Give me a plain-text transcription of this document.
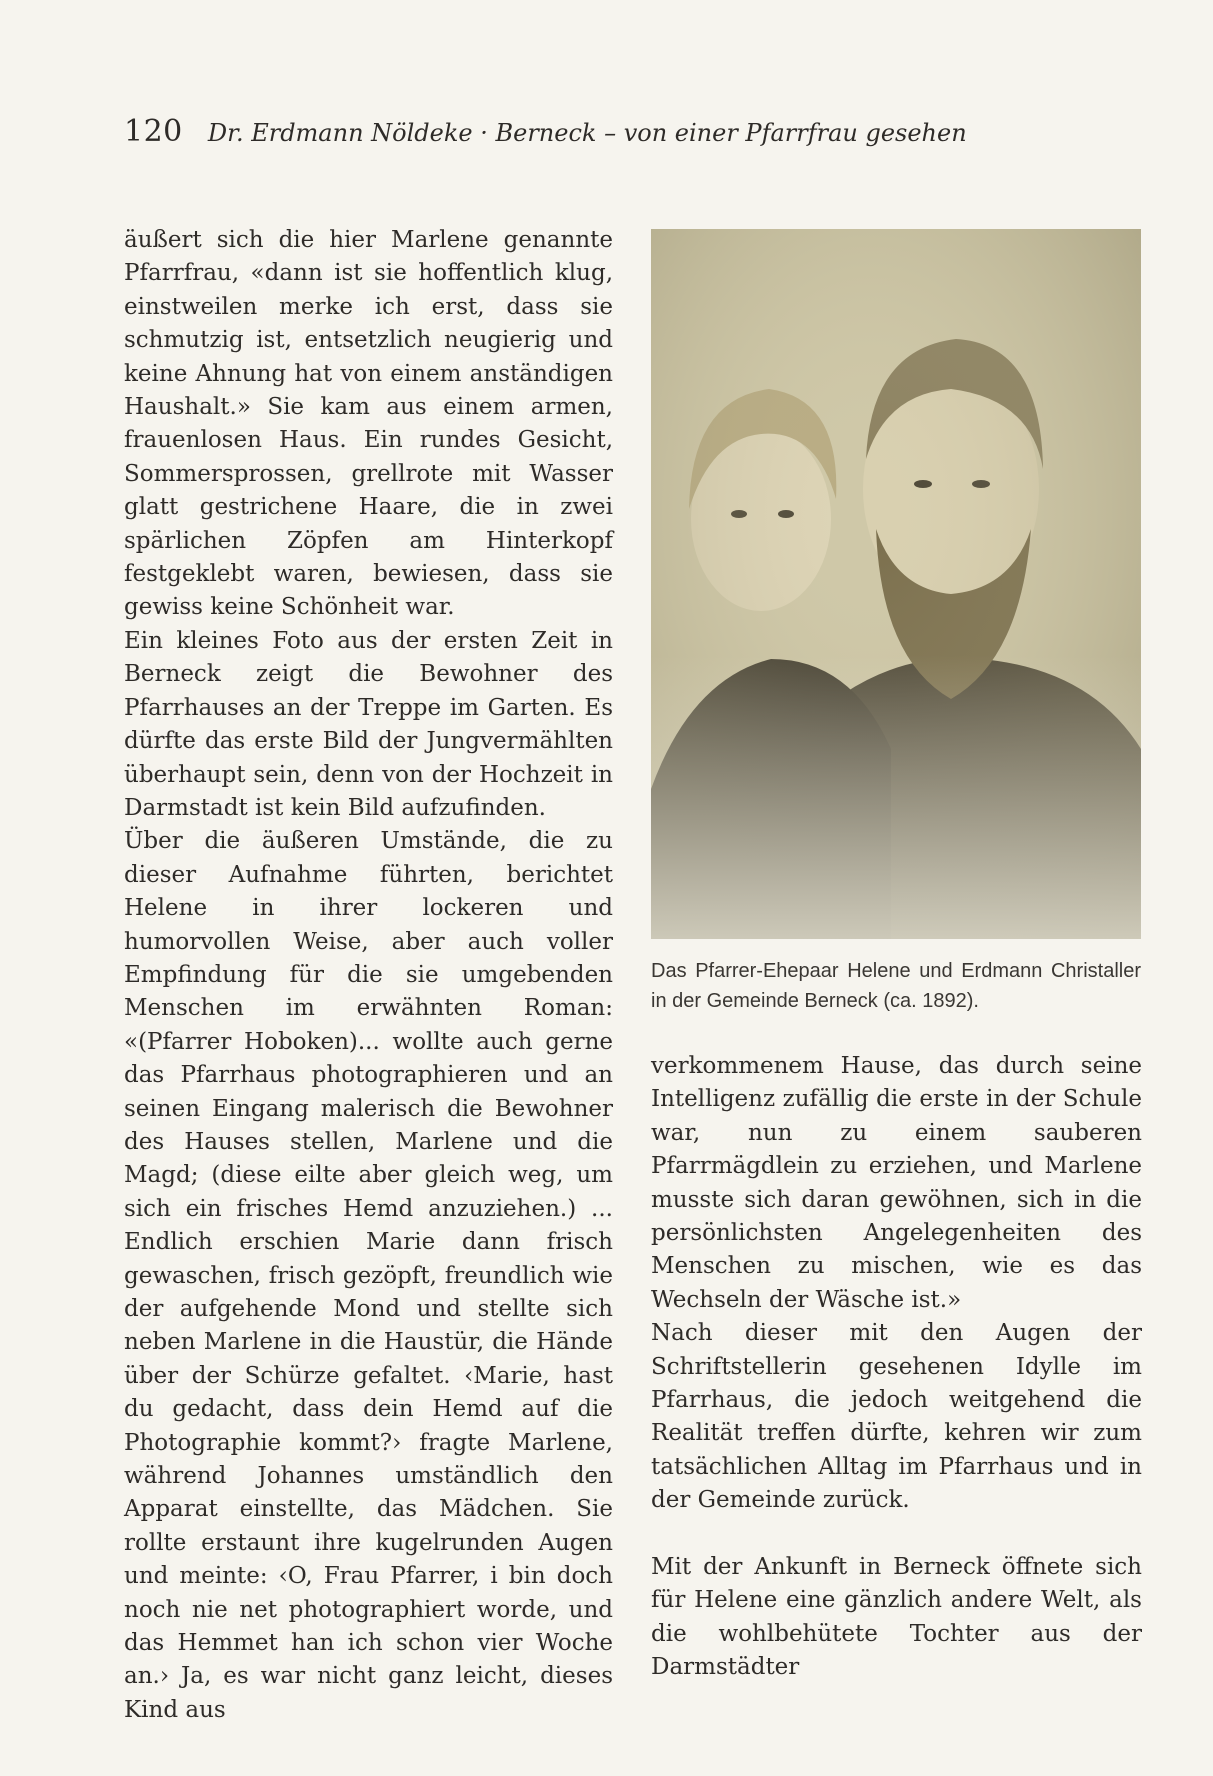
120 Dr. Erdmann Nöldeke · Berneck – von einer Pfarrfrau gesehen

äußert sich die hier Marlene genannte Pfarrfrau, «dann ist sie hoffentlich klug, einstweilen merke ich erst, dass sie schmutzig ist, entsetzlich neugierig und keine Ahnung hat von einem anständigen Haushalt.» Sie kam aus einem armen, frauenlosen Haus. Ein rundes Gesicht, Sommersprossen, grellrote mit Wasser glatt gestrichene Haare, die in zwei spärlichen Zöpfen am Hinterkopf festgeklebt waren, bewiesen, dass sie gewiss keine Schönheit war.

Ein kleines Foto aus der ersten Zeit in Berneck zeigt die Bewohner des Pfarrhauses an der Treppe im Garten. Es dürfte das erste Bild der Jungvermählten überhaupt sein, denn von der Hochzeit in Darmstadt ist kein Bild aufzufinden.

Über die äußeren Umstände, die zu dieser Aufnahme führten, berichtet Helene in ihrer lockeren und humorvollen Weise, aber auch voller Empfindung für die sie umgebenden Menschen im erwähnten Roman: «(Pfarrer Hoboken)... wollte auch gerne das Pfarrhaus photographieren und an seinen Eingang malerisch die Bewohner des Hauses stellen, Marlene und die Magd; (diese eilte aber gleich weg, um sich ein frisches Hemd anzuziehen.) ... Endlich erschien Marie dann frisch gewaschen, frisch gezöpft, freundlich wie der aufgehende Mond und stellte sich neben Marlene in die Haustür, die Hände über der Schürze gefaltet. ‹Marie, hast du gedacht, dass dein Hemd auf die Photographie kommt?› fragte Marlene, während Johannes umständlich den Apparat einstellte, das Mädchen. Sie rollte erstaunt ihre kugelrunden Augen und meinte: ‹O, Frau Pfarrer, i bin doch noch nie net photographiert worde, und das Hemmet han ich schon vier Woche an.› Ja, es war nicht ganz leicht, dieses Kind aus

Das Pfarrer-Ehepaar Helene und Erdmann Christaller in der Gemeinde Berneck (ca. 1892).

verkommenem Hause, das durch seine Intelligenz zufällig die erste in der Schule war, nun zu einem sauberen Pfarrmägdlein zu erziehen, und Marlene musste sich daran gewöhnen, sich in die persönlichsten Angelegenheiten des Menschen zu mischen, wie es das Wechseln der Wäsche ist.»

Nach dieser mit den Augen der Schriftstellerin gesehenen Idylle im Pfarrhaus, die jedoch weitgehend die Realität treffen dürfte, kehren wir zum tatsächlichen Alltag im Pfarrhaus und in der Gemeinde zurück.

Mit der Ankunft in Berneck öffnete sich für Helene eine gänzlich andere Welt, als die wohlbehütete Tochter aus der Darmstädter
